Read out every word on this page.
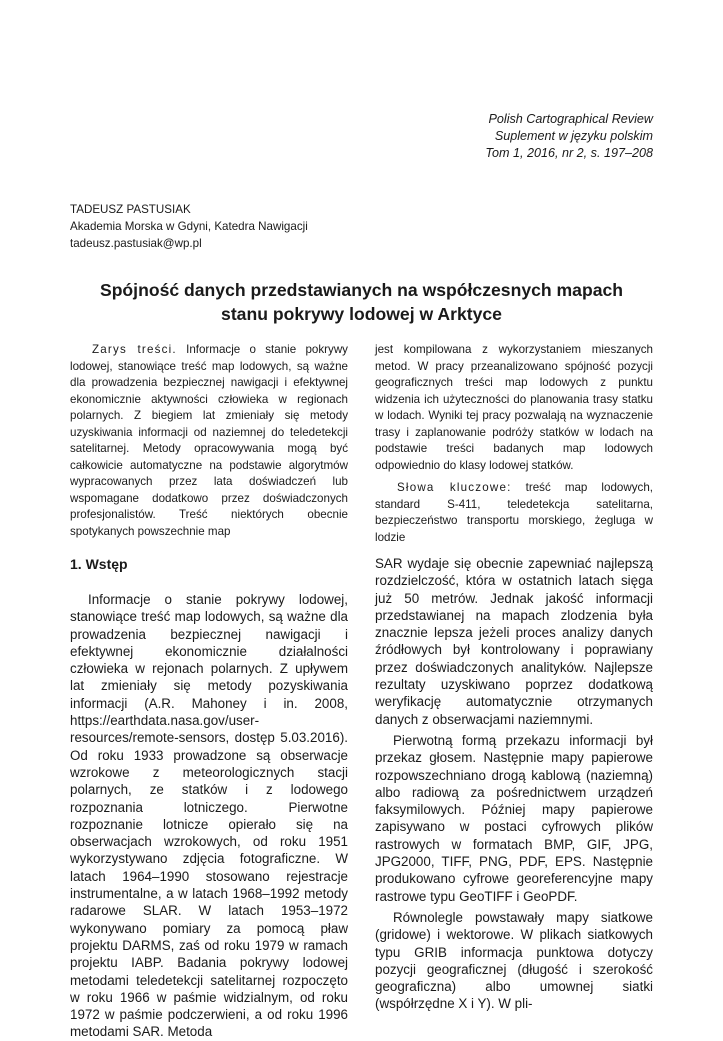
Polish Cartographical Review
Suplement w języku polskim
Tom 1, 2016, nr 2, s. 197–208
TADEUSZ PASTUSIAK
Akademia Morska w Gdyni, Katedra Nawigacji
tadeusz.pastusiak@wp.pl
Spójność danych przedstawianych na współczesnych mapach
stanu pokrywy lodowej w Arktyce

Zarys treści. Informacje o stanie pokrywy lodowej, stanowiące treść map lodowych, są ważne dla prowadzenia bezpiecznej nawigacji i efektywnej ekonomicznie aktywności człowieka w regionach polarnych. Z biegiem lat zmieniały się metody uzyskiwania informacji od naziemnej do teledetekcji satelitarnej. Metody opracowywania mogą być całkowicie automatyczne na podstawie algorytmów wypracowanych przez lata doświadczeń lub wspomagane dodatkowo przez doświadczonych profesjonalistów. Treść niektórych obecnie spotykanych powszechnie map

jest kompilowana z wykorzystaniem mieszanych metod. W pracy przeanalizowano spójność pozycji geograficznych treści map lodowych z punktu widzenia ich użyteczności do planowania trasy statku w lodach. Wyniki tej pracy pozwalają na wyznaczenie trasy i zaplanowanie podróży statków w lodach na podstawie treści badanych map lodowych odpowiednio do klasy lodowej statków.

Słowa kluczowe: treść map lodowych, standard S-411, teledetekcja satelitarna, bezpieczeństwo transportu morskiego, żegluga w lodzie

1. Wstęp

Informacje o stanie pokrywy lodowej, stanowiące treść map lodowych, są ważne dla prowadzenia bezpiecznej nawigacji i efektywnej ekonomicznie działalności człowieka w rejonach polarnych. Z upływem lat zmieniały się metody pozyskiwania informacji (A.R. Mahoney i in. 2008, https://earthdata.nasa.gov/user-resources/remote-sensors, dostęp 5.03.2016). Od roku 1933 prowadzone są obserwacje wzrokowe z meteorologicznych stacji polarnych, ze statków i z lodowego rozpoznania lotniczego. Pierwotne rozpoznanie lotnicze opierało się na obserwacjach wzrokowych, od roku 1951 wykorzystywano zdjęcia fotograficzne. W latach 1964–1990 stosowano rejestracje instrumentalne, a w latach 1968–1992 metody radarowe SLAR. W latach 1953–1972 wykonywano pomiary za pomocą pław projektu DARMS, zaś od roku 1979 w ramach projektu IABP. Badania pokrywy lodowej metodami teledetekcji satelitarnej rozpoczęto w roku 1966 w paśmie widzialnym, od roku 1972 w paśmie podczerwieni, a od roku 1996 metodami SAR. Metoda

SAR wydaje się obecnie zapewniać najlepszą rozdzielczość, która w ostatnich latach sięga już 50 metrów. Jednak jakość informacji przedstawianej na mapach zlodzenia była znacznie lepsza jeżeli proces analizy danych źródłowych był kontrolowany i poprawiany przez doświadczonych analityków. Najlepsze rezultaty uzyskiwano poprzez dodatkową weryfikację automatycznie otrzymanych danych z obserwacjami naziemnymi.

Pierwotną formą przekazu informacji był przekaz głosem. Następnie mapy papierowe rozpowszechniano drogą kablową (naziemną) albo radiową za pośrednictwem urządzeń faksymilowych. Później mapy papierowe zapisywano w postaci cyfrowych plików rastrowych w formatach BMP, GIF, JPG, JPG2000, TIFF, PNG, PDF, EPS. Następnie produkowano cyfrowe georeferencyjne mapy rastrowe typu GeoTIFF i GeoPDF.

Równolegle powstawały mapy siatkowe (gridowe) i wektorowe. W plikach siatkowych typu GRIB informacja punktowa dotyczy pozycji geograficznej (długość i szerokość geograficzna) albo umownej siatki (współrzędne X i Y). W pli-
